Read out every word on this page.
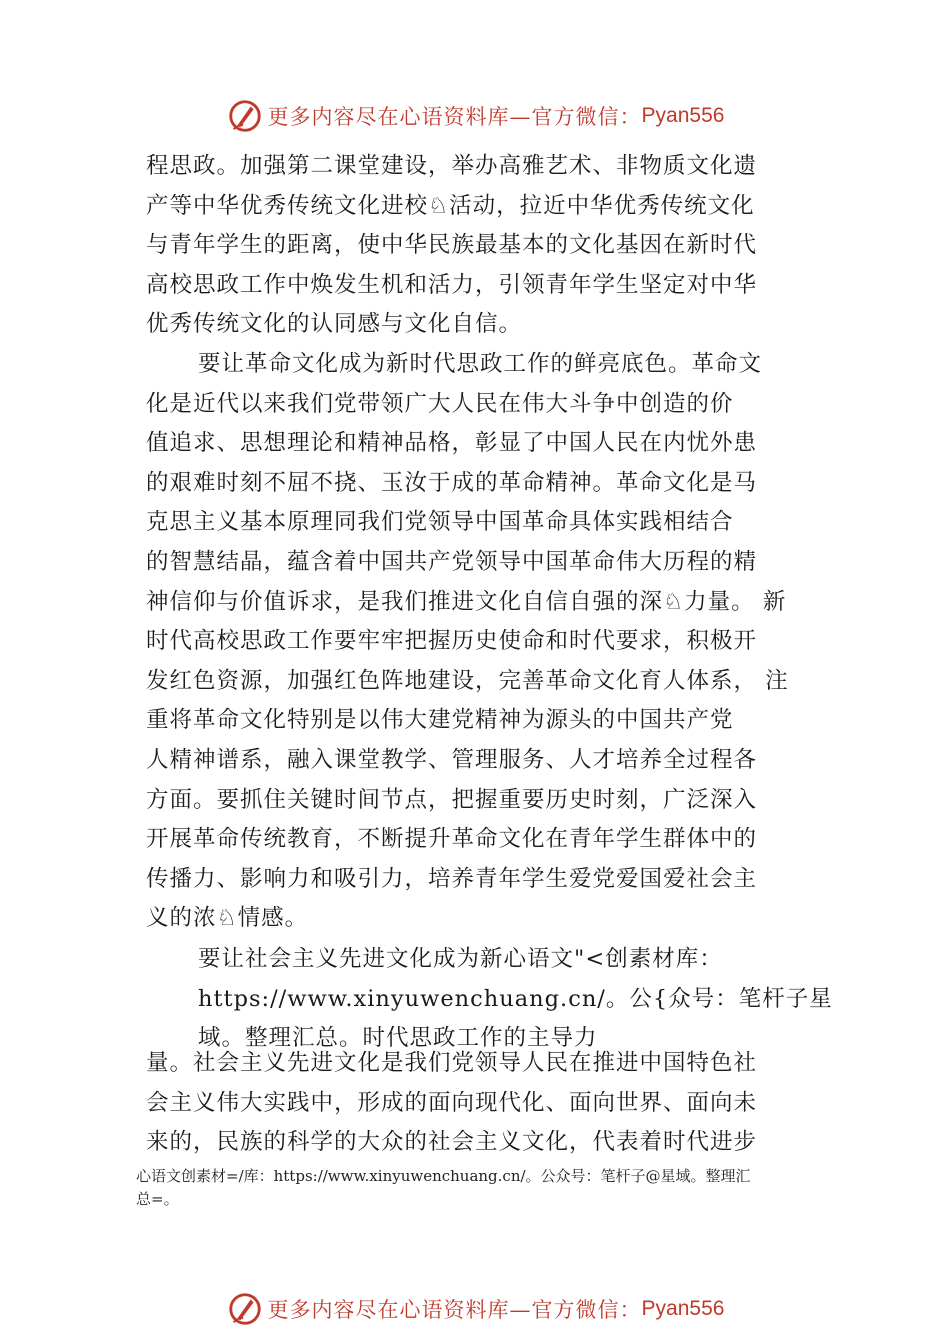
更多内容尽在心语资料库—官方微信： Pyan556
程思政。加强第二课堂建设，举办高雅艺术、非物质文化遗
产等中华优秀传统文化进校♘活动，拉近中华优秀传统文化
与青年学生的距离，使中华民族最基本的文化基因在新时代
高校思政工作中焕发生机和活力，引领青年学生坚定对中华
优秀传统文化的认同感与文化自信。
要让革命文化成为新时代思政工作的鲜亮底色。革命文
化是近代以来我们党带领广大人民在伟大斗争中创造的价
值追求、思想理论和精神品格，彰显了中国人民在内忧外患
的艰难时刻不屈不挠、玉汝于成的革命精神。革命文化是马
克思主义基本原理同我们党领导中国革命具体实践相结合
的智慧结晶，蕴含着中国共产党领导中国革命伟大历程的精
神信仰与价值诉求，是我们推进文化自信自强的深♘力量。 新
时代高校思政工作要牢牢把握历史使命和时代要求，积极开
发红色资源，加强红色阵地建设，完善革命文化育人体系， 注
重将革命文化特别是以伟大建党精神为源头的中国共产党
人精神谱系，融入课堂教学、管理服务、人才培养全过程各
方面。要抓住关键时间节点，把握重要历史时刻，广泛深入
开展革命传统教育，不断提升革命文化在青年学生群体中的
传播力、影响力和吸引力，培养青年学生爱党爱国爱社会主
义的浓♘情感。
要让社会主义先进文化成为新心语文"<创素材库：
https://www.xinyuwenchuang.cn/。公{众号：笔杆子星
域。整理汇总。时代思政工作的主导力
量。社会主义先进文化是我们党领导人民在推进中国特色社
会主义伟大实践中，形成的面向现代化、面向世界、面向未
来的，民族的科学的大众的社会主义文化，代表着时代进步
心语文创素材=/库：https://www.xinyuwenchuang.cn/。公众号：笔杆子@星域。整理汇
总=。
更多内容尽在心语资料库—官方微信： Pyan556
